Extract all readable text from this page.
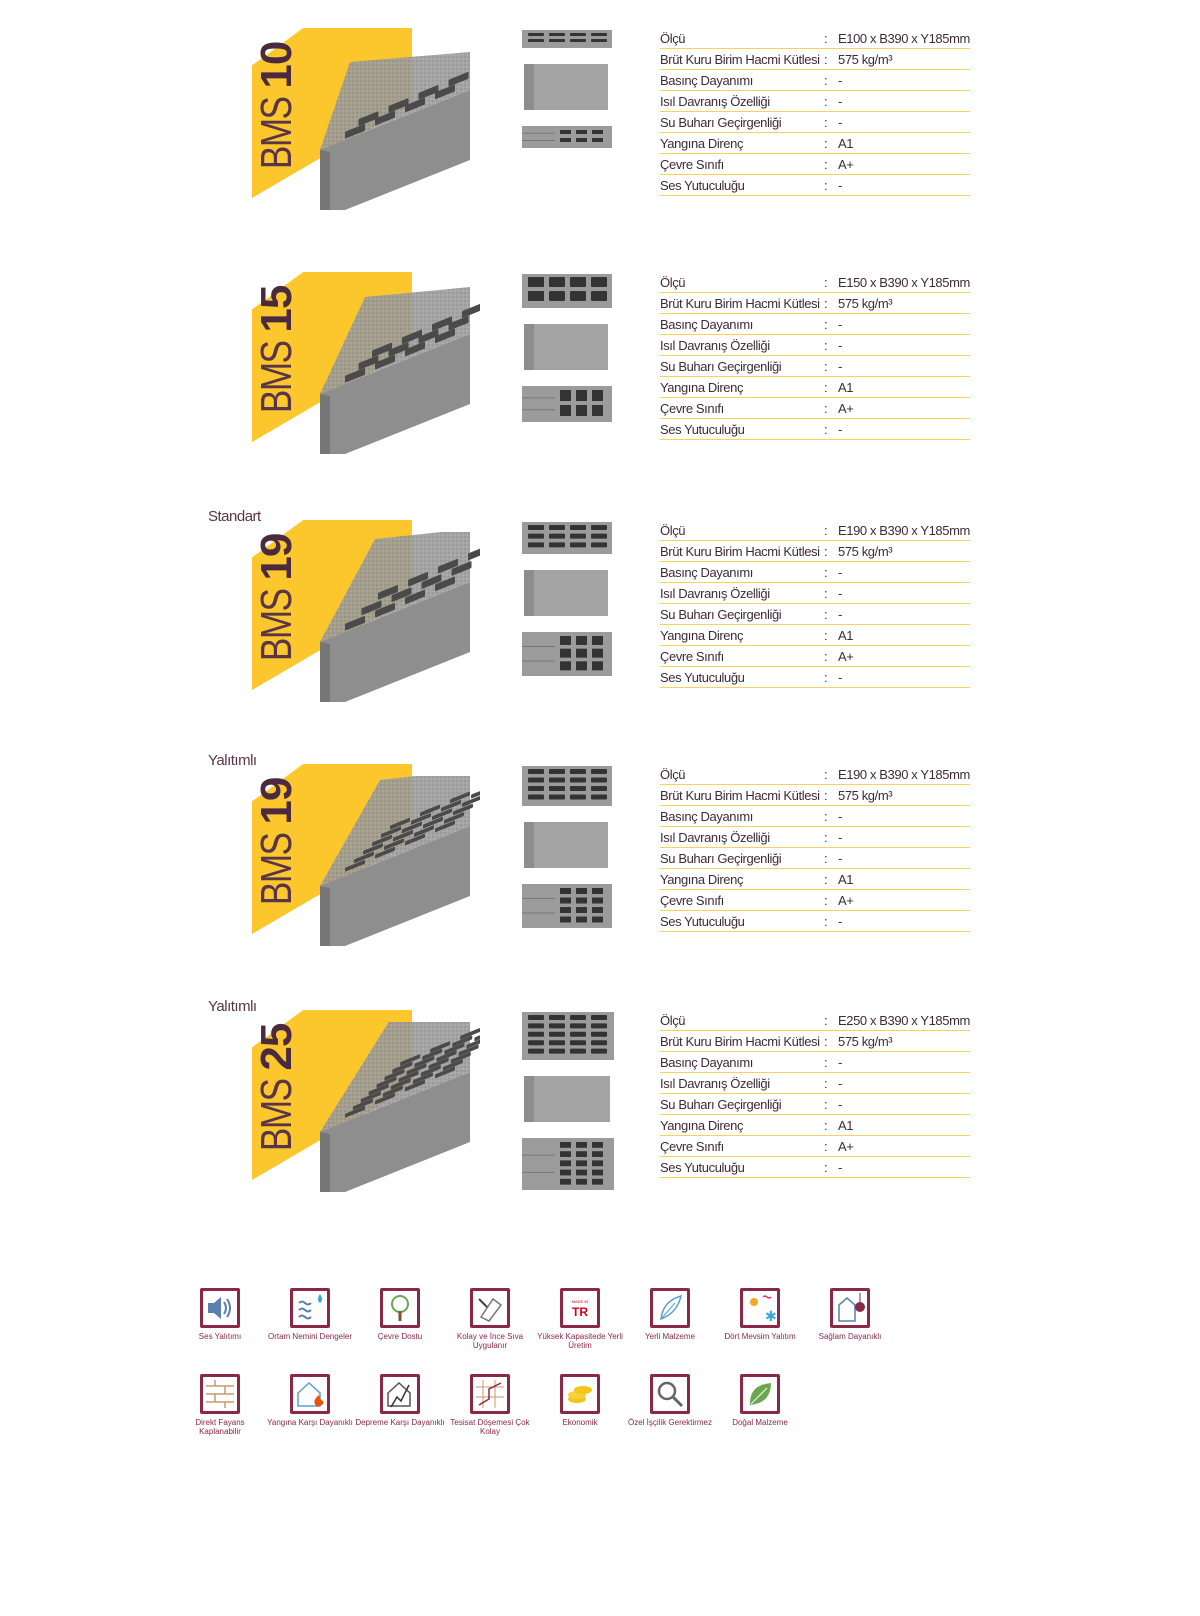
BMS10
Ölçü	: E100 x B390 x Y185mm
Brüt Kuru Birim Hacmi Kütlesi : 575 kg/m³
Basınç Dayanımı	: -
Isıl Davranış Özelliği	: -
Su Buharı Geçirgenliği	: -
Yangına Direnç	: A1
Çevre Sınıfı	: A+
Ses Yutuculuğu	: -
BMS15
Ölçü	: E150 x B390 x Y185mm
Brüt Kuru Birim Hacmi Kütlesi : 575 kg/m³
Basınç Dayanımı	: -
Isıl Davranış Özelliği	: -
Su Buharı Geçirgenliği	: -
Yangına Direnç	: A1
Çevre Sınıfı	: A+
Ses Yutuculuğu	: -
Standart
BMS19
Ölçü	: E190 x B390 x Y185mm
Brüt Kuru Birim Hacmi Kütlesi : 575 kg/m³
Basınç Dayanımı	: -
Isıl Davranış Özelliği	: -
Su Buharı Geçirgenliği	: -
Yangına Direnç	: A1
Çevre Sınıfı	: A+
Ses Yutuculuğu	: -
Yalıtımlı
BMS19
Ölçü	: E190 x B390 x Y185mm
Brüt Kuru Birim Hacmi Kütlesi : 575 kg/m³
Basınç Dayanımı	: -
Isıl Davranış Özelliği	: -
Su Buharı Geçirgenliği	: -
Yangına Direnç	: A1
Çevre Sınıfı	: A+
Ses Yutuculuğu	: -
Yalıtımlı
BMS25
Ölçü	: E250 x B390 x Y185mm
Brüt Kuru Birim Hacmi Kütlesi : 575 kg/m³
Basınç Dayanımı	: -
Isıl Davranış Özelliği	: -
Su Buharı Geçirgenliği	: -
Yangına Direnç	: A1
Çevre Sınıfı	: A+
Ses Yutuculuğu	: -
Ses Yalıtımı	Ortam Nemini Dengeler	Çevre Dostu	Kolay ve İnce Sıva Uygulanır
MADE IN
TR
Yüksek Kapasitede Yerli Üretim
Yerli Malzeme
✱
Dört Mevsim Yalıtım	Sağlam Dayanıklı
Direkt Fayans Kaplanabilir
Yangına Karşı Dayanıklı Depreme Karşı Dayanıklı Tesisat Döşemesi Çok Kolay
Ekonomik	Özel İşçilik Gerektirmez	Doğal Malzeme
